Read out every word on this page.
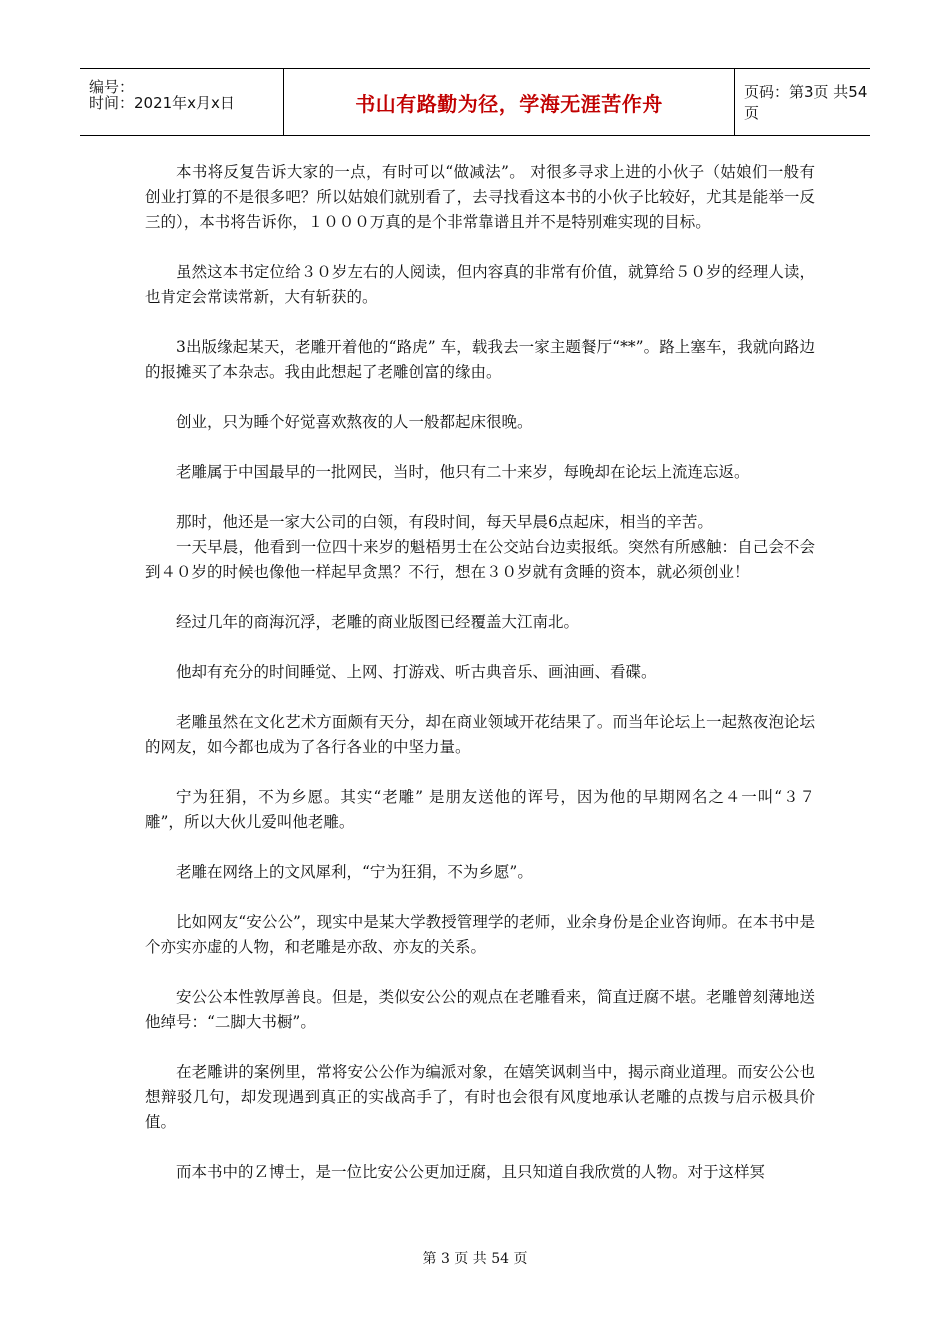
编号：
时间：2021年x月x日	书山有路勤为径，学海无涯苦作舟	页码：第3页 共54页

本书将反复告诉大家的一点，有时可以“做减法”。 对很多寻求上进的小伙子（姑娘们一般有创业打算的不是很多吧？所以姑娘们就别看了，去寻找看这本书的小伙子比较好，尤其是能举一反三的），本书将告诉你，１０００万真的是个非常靠谱且并不是特别难实现的目标。

虽然这本书定位给３０岁左右的人阅读，但内容真的非常有价值，就算给５０岁的经理人读，也肯定会常读常新，大有斩获的。

3出版缘起某天，老雕开着他的“路虎” 车，载我去一家主题餐厅“**”。路上塞车，我就向路边的报摊买了本杂志。我由此想起了老雕创富的缘由。

创业，只为睡个好觉喜欢熬夜的人一般都起床很晚。

老雕属于中国最早的一批网民，当时，他只有二十来岁，每晚却在论坛上流连忘返。

那时，他还是一家大公司的白领，有段时间，每天早晨6点起床，相当的辛苦。

一天早晨，他看到一位四十来岁的魁梧男士在公交站台边卖报纸。突然有所感触：自己会不会到４０岁的时候也像他一样起早贪黑？不行，想在３０岁就有贪睡的资本，就必须创业！

经过几年的商海沉浮，老雕的商业版图已经覆盖大江南北。

他却有充分的时间睡觉、上网、打游戏、听古典音乐、画油画、看碟。

老雕虽然在文化艺术方面颇有天分，却在商业领域开花结果了。而当年论坛上一起熬夜泡论坛的网友，如今都也成为了各行各业的中坚力量。

宁为狂狷，不为乡愿。其实“老雕” 是朋友送他的诨号，因为他的早期网名之４一叫“３７雕”，所以大伙儿爱叫他老雕。

老雕在网络上的文风犀利，“宁为狂狷，不为乡愿”。

比如网友“安公公”，现实中是某大学教授管理学的老师，业余身份是企业咨询师。在本书中是个亦实亦虚的人物，和老雕是亦敌、亦友的关系。

安公公本性敦厚善良。但是，类似安公公的观点在老雕看来，简直迂腐不堪。老雕曾刻薄地送他绰号：“二脚大书橱”。

在老雕讲的案例里，常将安公公作为编派对象，在嬉笑讽刺当中，揭示商业道理。而安公公也想辩驳几句，却发现遇到真正的实战高手了，有时也会很有风度地承认老雕的点拨与启示极具价值。

而本书中的Ｚ博士，是一位比安公公更加迂腐，且只知道自我欣赏的人物。对于这样冥

第 3 页 共 54 页
